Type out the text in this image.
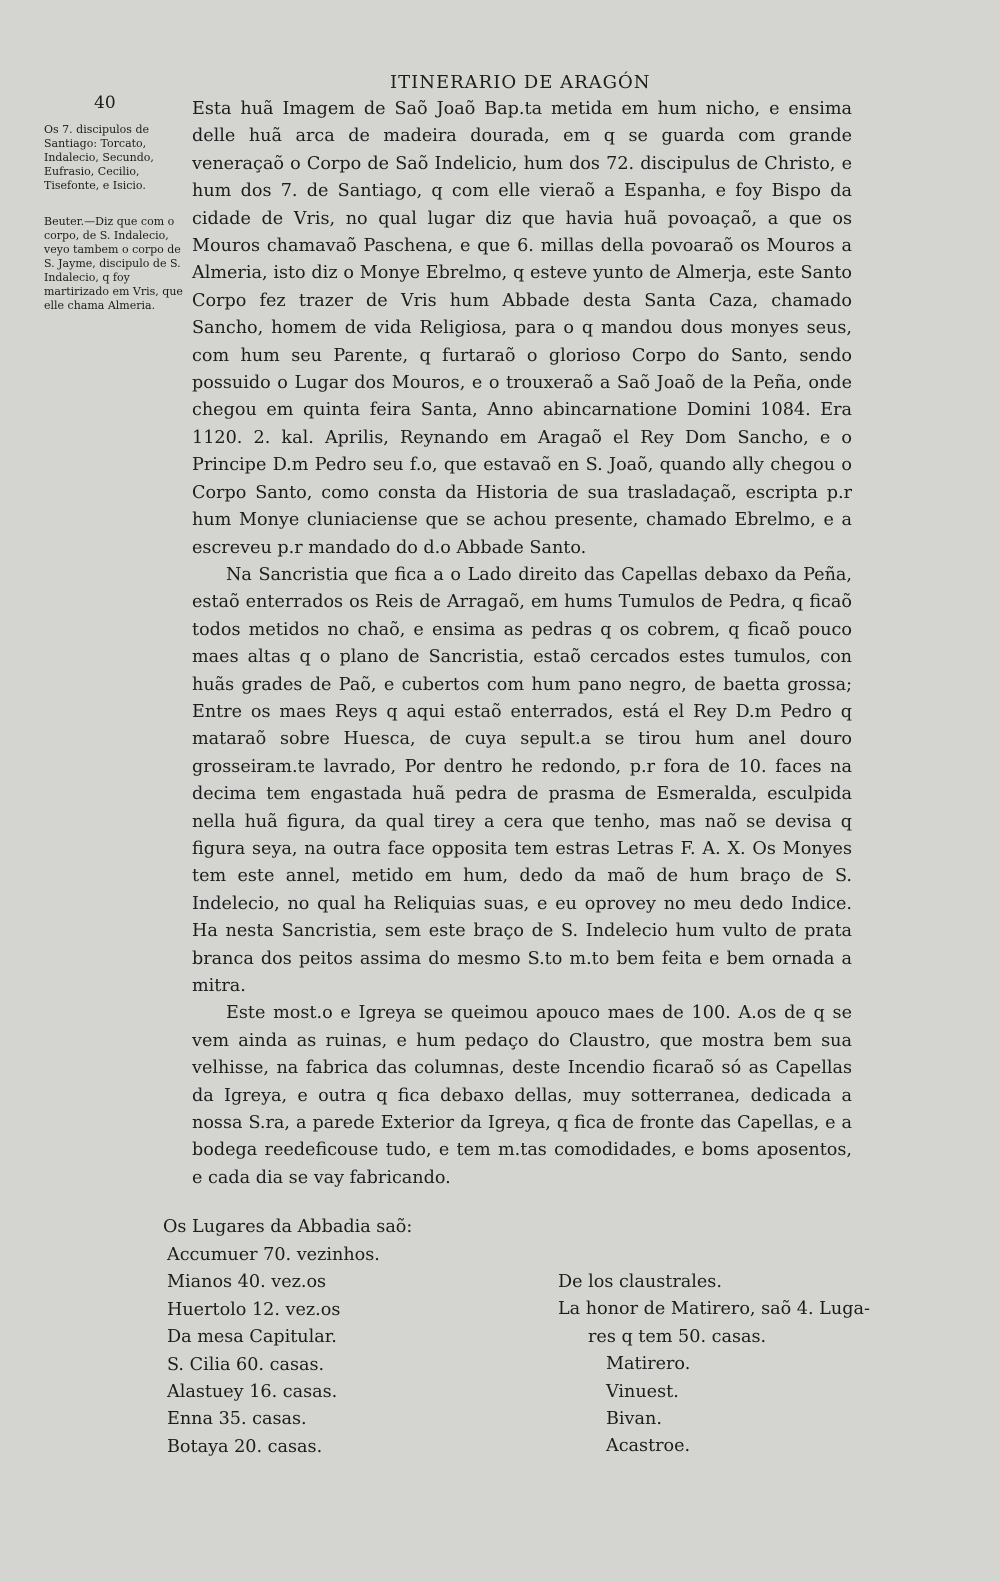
40
ITINERARIO DE ARAGÓN

Os 7. discipulos de Santiago: Torcato, Indalecio, Secundo, Eufrasio, Cecilio, Tisefonte, e Isicio.

Beuter.—Diz que com o corpo, de S. Indalecio, veyo tambem o corpo de S. Jayme, discipulo de S. Indalecio, q foy martirizado em Vris, que elle chama Almeria.

Esta huã Imagem de Saõ Joaõ Bap.ta metida em hum nicho, e ensima delle huã arca de madeira dourada, em q se guarda com grande veneraçaõ o Corpo de Saõ Indelicio, hum dos 72. discipulus de Christo, e hum dos 7. de Santiago, q com elle vieraõ a Espanha, e foy Bispo da cidade de Vris, no qual lugar diz que havia huã povoaçaõ, a que os Mouros chamavaõ Paschena, e que 6. millas della povoaraõ os Mouros a Almeria, isto diz o Monye Ebrelmo, q esteve yunto de Almerja, este Santo Corpo fez trazer de Vris hum Abbade desta Santa Caza, chamado Sancho, homem de vida Religiosa, para o q mandou dous monyes seus, com hum seu Parente, q furtaraõ o glorioso Corpo do Santo, sendo possuido o Lugar dos Mouros, e o trouxeraõ a Saõ Joaõ de la Peña, onde chegou em quinta feira Santa, Anno abincarnatione Domini 1084. Era 1120. 2. kal. Aprilis, Reynando em Aragaõ el Rey Dom Sancho, e o Principe D.m Pedro seu f.o, que estavaõ en S. Joaõ, quando ally chegou o Corpo Santo, como consta da Historia de sua trasladaçaõ, escripta p.r hum Monye cluniaciense que se achou presente, chamado Ebrelmo, e a escreveu p.r mandado do d.o Abbade Santo.

Na Sancristia que fica a o Lado direito das Capellas debaxo da Peña, estaõ enterrados os Reis de Arragaõ, em hums Tumulos de Pedra, q ficaõ todos metidos no chaõ, e ensima as pedras q os cobrem, q ficaõ pouco maes altas q o plano de Sancristia, estaõ cercados estes tumulos, con huãs grades de Paõ, e cubertos com hum pano negro, de baetta grossa; Entre os maes Reys q aqui estaõ enterrados, está el Rey D.m Pedro q mataraõ sobre Huesca, de cuya sepult.a se tirou hum anel douro grosseiram.te lavrado, Por dentro he redondo, p.r fora de 10. faces na decima tem engastada huã pedra de prasma de Esmeralda, esculpida nella huã figura, da qual tirey a cera que tenho, mas naõ se devisa q figura seya, na outra face opposita tem estras Letras F. A. X. Os Monyes tem este annel, metido em hum, dedo da maõ de hum braço de S. Indelecio, no qual ha Reliquias suas, e eu oprovey no meu dedo Indice. Ha nesta Sancristia, sem este braço de S. Indelecio hum vulto de prata branca dos peitos assima do mesmo S.to m.to bem feita e bem ornada a mitra.

Este most.o e Igreya se queimou apouco maes de 100. A.os de q se vem ainda as ruinas, e hum pedaço do Claustro, que mostra bem sua velhisse, na fabrica das columnas, deste Incendio ficaraõ só as Capellas da Igreya, e outra q fica debaxo dellas, muy sotterranea, dedicada a nossa S.ra, a parede Exterior da Igreya, q fica de fronte das Capellas, e a bodega reedeficouse tudo, e tem m.tas comodidades, e boms aposentos, e cada dia se vay fabricando.

Os Lugares da Abbadia saõ:
Accumuer 70. vezinhos.
Mianos 40. vez.os
Huertolo 12. vez.os
Da mesa Capitular.
S. Cilia 60. casas.
Alastuey 16. casas.
Enna 35. casas.
Botaya 20. casas.
De los claustrales.
La honor de Matirero, saõ 4. Luga-
res q tem 50. casas.
Matirero.
Vinuest.
Bivan.
Acastroe.
